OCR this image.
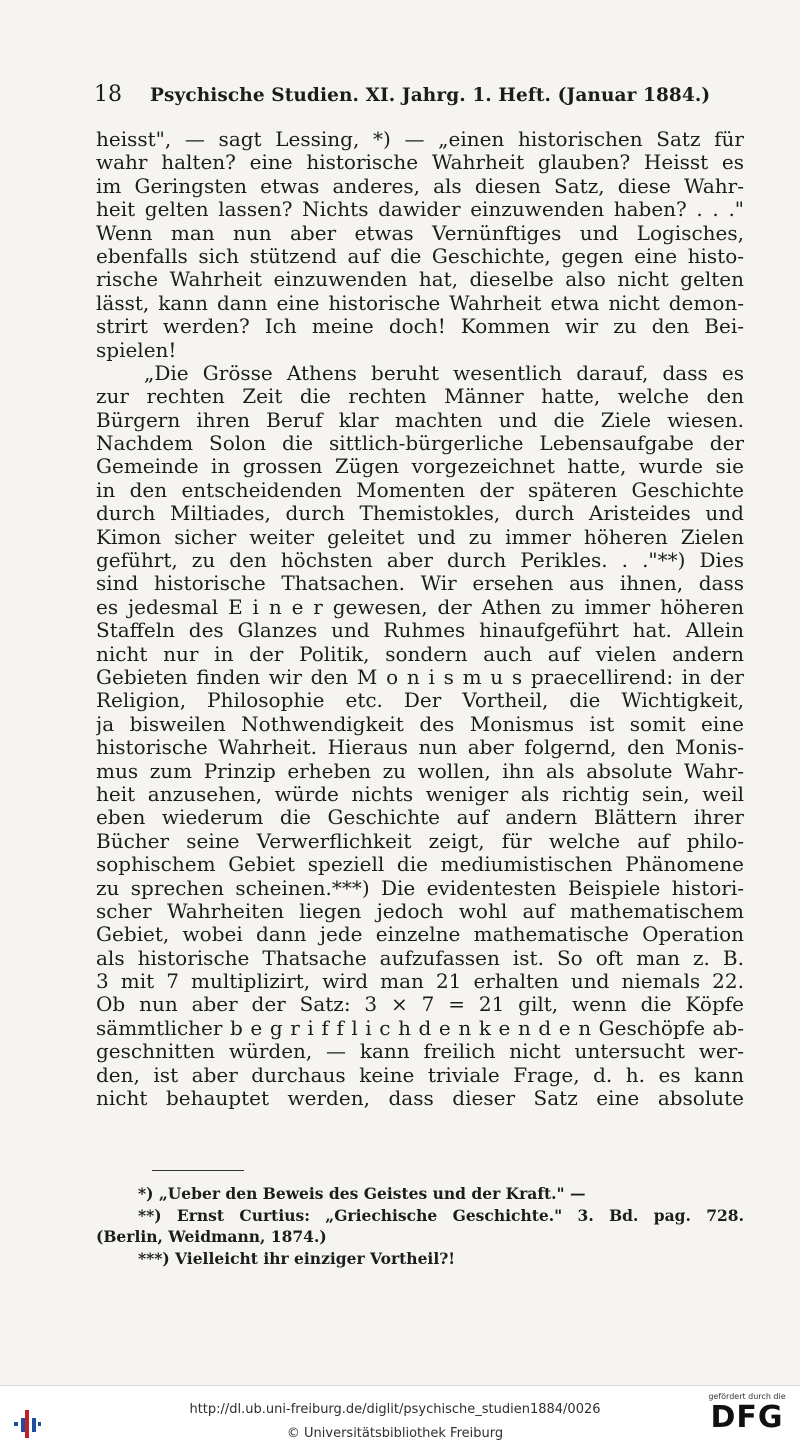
18 Psychische Studien. XI. Jahrg. 1. Heft. (Januar 1884.)
heisst", — sagt Lessing, *) — „einen historischen Satz für
wahr halten? eine historische Wahrheit glauben? Heisst es
im Geringsten etwas anderes, als diesen Satz, diese Wahr-
heit gelten lassen? Nichts dawider einzuwenden haben? . . ."
Wenn man nun aber etwas Vernünftiges und Logisches,
ebenfalls sich stützend auf die Geschichte, gegen eine histo-
rische Wahrheit einzuwenden hat, dieselbe also nicht gelten
lässt, kann dann eine historische Wahrheit etwa nicht demon-
strirt werden? Ich meine doch! Kommen wir zu den Bei-
spielen!
„Die Grösse Athens beruht wesentlich darauf, dass es
zur rechten Zeit die rechten Männer hatte, welche den
Bürgern ihren Beruf klar machten und die Ziele wiesen.
Nachdem Solon die sittlich-bürgerliche Lebensaufgabe der
Gemeinde in grossen Zügen vorgezeichnet hatte, wurde sie
in den entscheidenden Momenten der späteren Geschichte
durch Miltiades, durch Themistokles, durch Aristeides und
Kimon sicher weiter geleitet und zu immer höheren Zielen
geführt, zu den höchsten aber durch Perikles. . ."**) Dies
sind historische Thatsachen. Wir ersehen aus ihnen, dass
es jedesmal E i n e r gewesen, der Athen zu immer höheren
Staffeln des Glanzes und Ruhmes hinaufgeführt hat. Allein
nicht nur in der Politik, sondern auch auf vielen andern
Gebieten finden wir den M o n i s m u s praecellirend: in der
Religion, Philosophie etc. Der Vortheil, die Wichtigkeit,
ja bisweilen Nothwendigkeit des Monismus ist somit eine
historische Wahrheit. Hieraus nun aber folgernd, den Monis-
mus zum Prinzip erheben zu wollen, ihn als absolute Wahr-
heit anzusehen, würde nichts weniger als richtig sein, weil
eben wiederum die Geschichte auf andern Blättern ihrer
Bücher seine Verwerflichkeit zeigt, für welche auf philo-
sophischem Gebiet speziell die mediumistischen Phänomene
zu sprechen scheinen.***) Die evidentesten Beispiele histori-
scher Wahrheiten liegen jedoch wohl auf mathematischem
Gebiet, wobei dann jede einzelne mathematische Operation
als historische Thatsache aufzufassen ist. So oft man z. B.
3 mit 7 multiplizirt, wird man 21 erhalten und niemals 22.
Ob nun aber der Satz: 3 × 7 = 21 gilt, wenn die Köpfe
sämmtlicher b e g r i f f l i c h d e n k e n d e n Geschöpfe ab-
geschnitten würden, — kann freilich nicht untersucht wer-
den, ist aber durchaus keine triviale Frage, d. h. es kann
nicht behauptet werden, dass dieser Satz eine absolute
*) „Ueber den Beweis des Geistes und der Kraft." —
**) Ernst Curtius: „Griechische Geschichte." 3. Bd. pag. 728.
(Berlin, Weidmann, 1874.)
***) Vielleicht ihr einziger Vortheil?!
http://dl.ub.uni-freiburg.de/diglit/psychische_studien1884/0026
© Universitätsbibliothek Freiburg
gefördert durch die
DFG
